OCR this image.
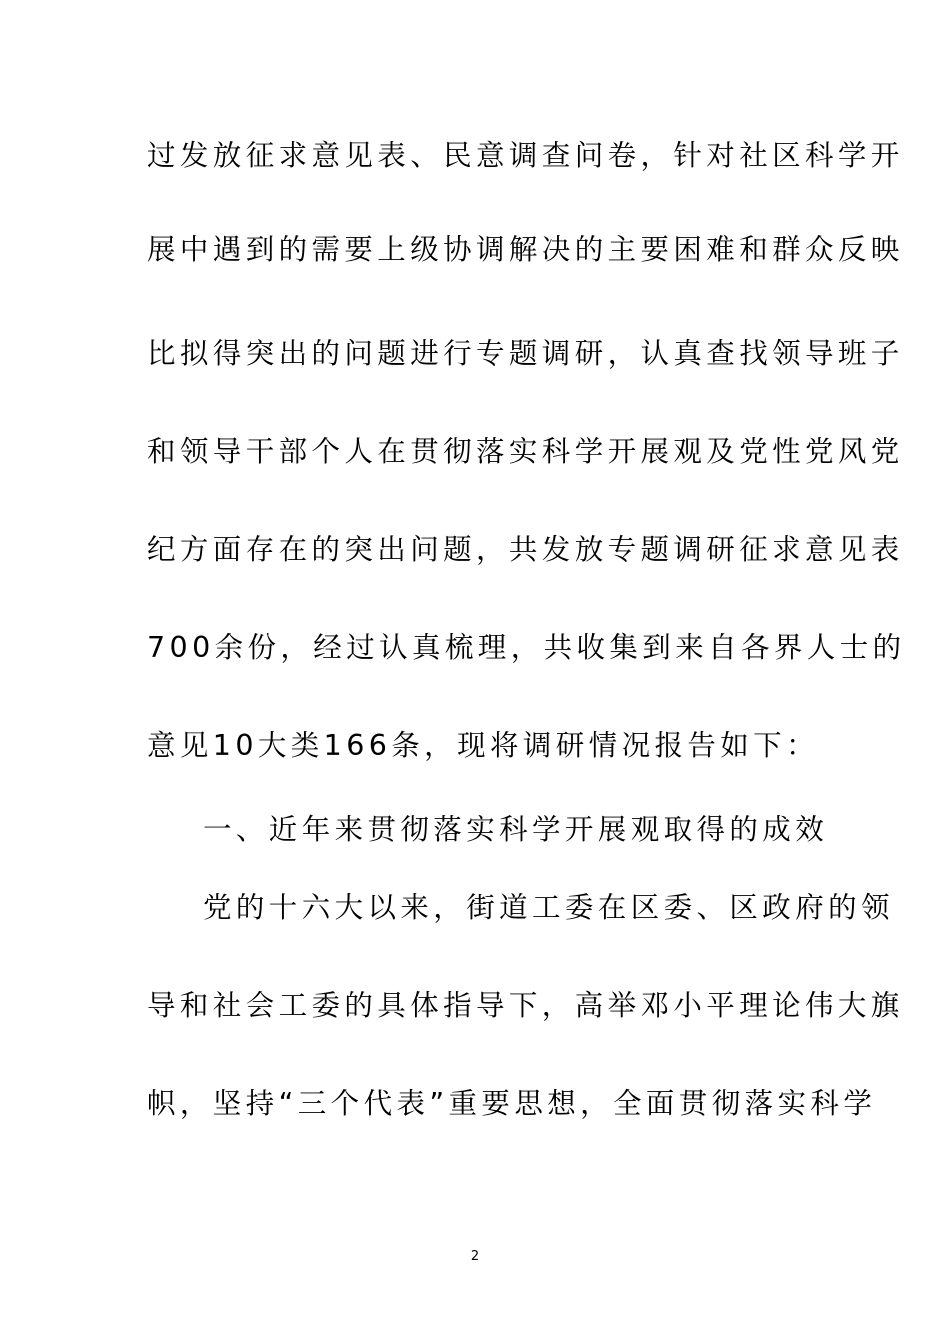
过发放征求意见表、民意调查问卷，针对社区科学开
展中遇到的需要上级协调解决的主要困难和群众反映
比拟得突出的问题进行专题调研，认真查找领导班子
和领导干部个人在贯彻落实科学开展观及党性党风党
纪方面存在的突出问题，共发放专题调研征求意见表
700余份，经过认真梳理，共收集到来自各界人士的
意见10大类166条，现将调研情况报告如下：
一、近年来贯彻落实科学开展观取得的成效
党的十六大以来，街道工委在区委、区政府的领
导和社会工委的具体指导下，高举邓小平理论伟大旗
帜，坚持“三个代表”重要思想，全面贯彻落实科学
2
